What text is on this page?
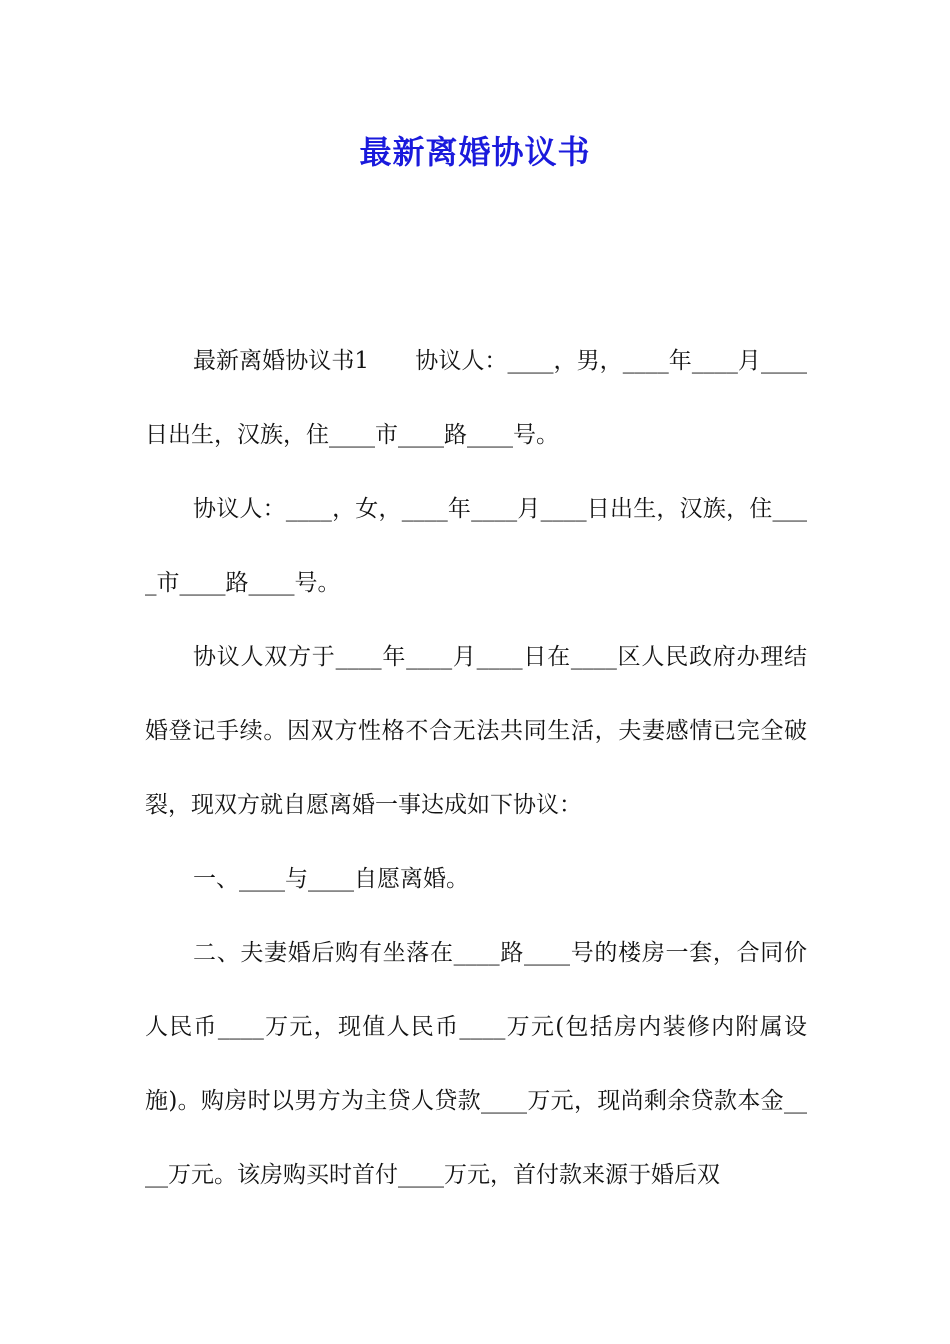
最新离婚协议书

最新离婚协议书1　　协议人：____，男，____年____月____日出生，汉族，住____市____路____号。

协议人：____，女，____年____月____日出生，汉族，住____市____路____号。

协议人双方于____年____月____日在____区人民政府办理结婚登记手续。因双方性格不合无法共同生活，夫妻感情已完全破裂，现双方就自愿离婚一事达成如下协议：

一、____与____自愿离婚。

二、夫妻婚后购有坐落在____路____号的楼房一套，合同价人民币____万元，现值人民币____万元(包括房内装修内附属设施)。购房时以男方为主贷人贷款____万元，现尚剩余贷款本金____万元。该房购买时首付____万元，首付款来源于婚后双
